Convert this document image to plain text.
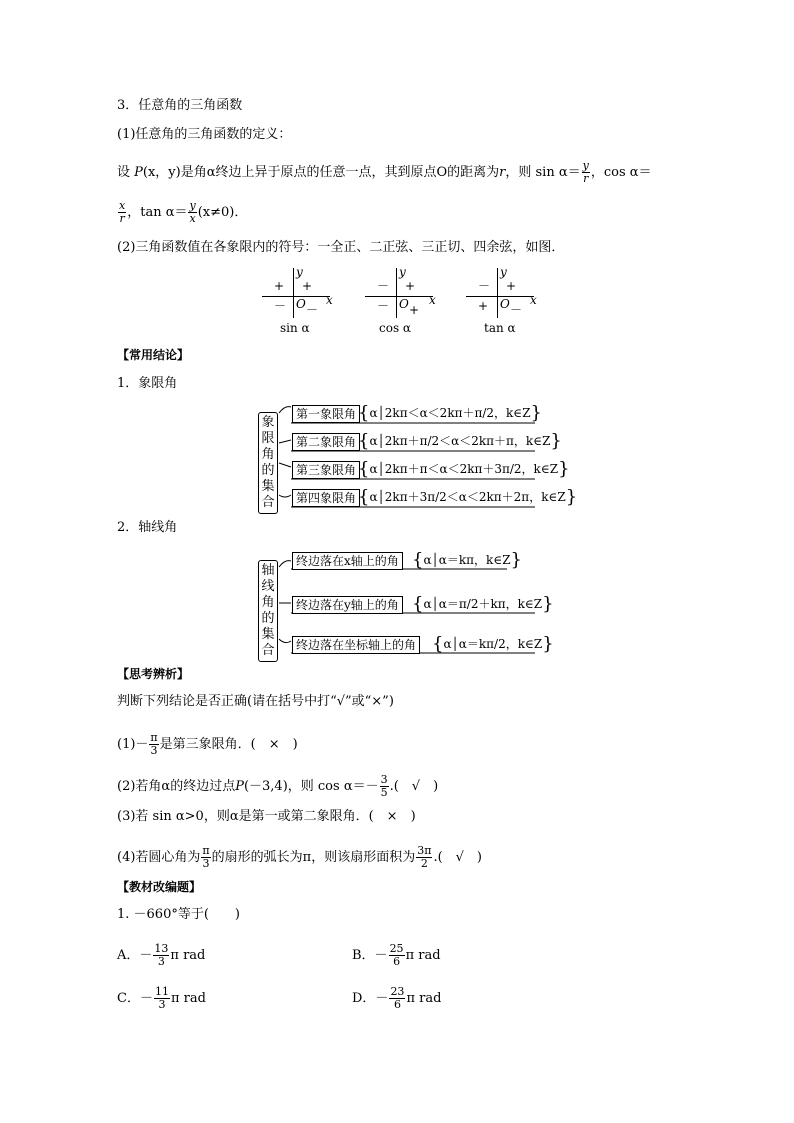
3．任意角的三角函数
(1)任意角的三角函数的定义：
设 P(x，y)是角α终边上异于原点的任意一点，其到原点O的距离为r，则 $\sin \alpha= \frac{y}{r}$ ，cos α＝
$\frac{x}{r}$ ，$\tan \alpha= \frac{y}{x} (x\ne 0)$．
(2)三角函数值在各象限内的符号：一全正、二正弦、三正切、四余弦，如图．
y
+ +
－ O －
x
sin α
y
－ +
－ O +
x
cos α
y
－ +
+ O －
x
tan α
【常用结论】
1．象限角
象限角的集合
第一象限角 {α│2kπ＜α＜2kπ＋π/2，k∈Z}
第二象限角 {α│2kπ＋π/2＜α＜2kπ＋π，k∈Z}
第三象限角 {α│2kπ＋π＜α＜2kπ＋3π/2，k∈Z}
第四象限角 {α│2kπ＋3π/2＜α＜2kπ＋2π，k∈Z}
2．轴线角
轴线角的集合
终边落在x轴上的角 {α│α＝kπ，k∈Z}
终边落在y轴上的角 {α│α＝π/2＋kπ，k∈Z}
终边落在坐标轴上的角 {α│α＝kπ/2，k∈Z}
【思考辨析】
判断下列结论是否正确(请在括号中打“√”或“×”)
$(1)- \frac{\pi}{3}$ 是第三象限角．(　×　)
(2)若角α的终边过点P(－3,4)，则 $\cos \alpha=- \frac{3}{5}$ .(　√　)
(3)若 sin α>0，则α是第一或第二象限角．(　×　)
(4)若圆心角为 $\frac{\pi}{3}$ 的扇形的弧长为π，则该扇形面积为 $\frac{3\pi}{2}$ .(　√　)
【教材改编题】
1. －660°等于(　　)
A．－ $\frac{13}{3}$ π rad	B．－ $\frac{25}{6}$ π rad
C．－ $\frac{11}{3}$ π rad	D．－ $\frac{23}{6}$ π rad
